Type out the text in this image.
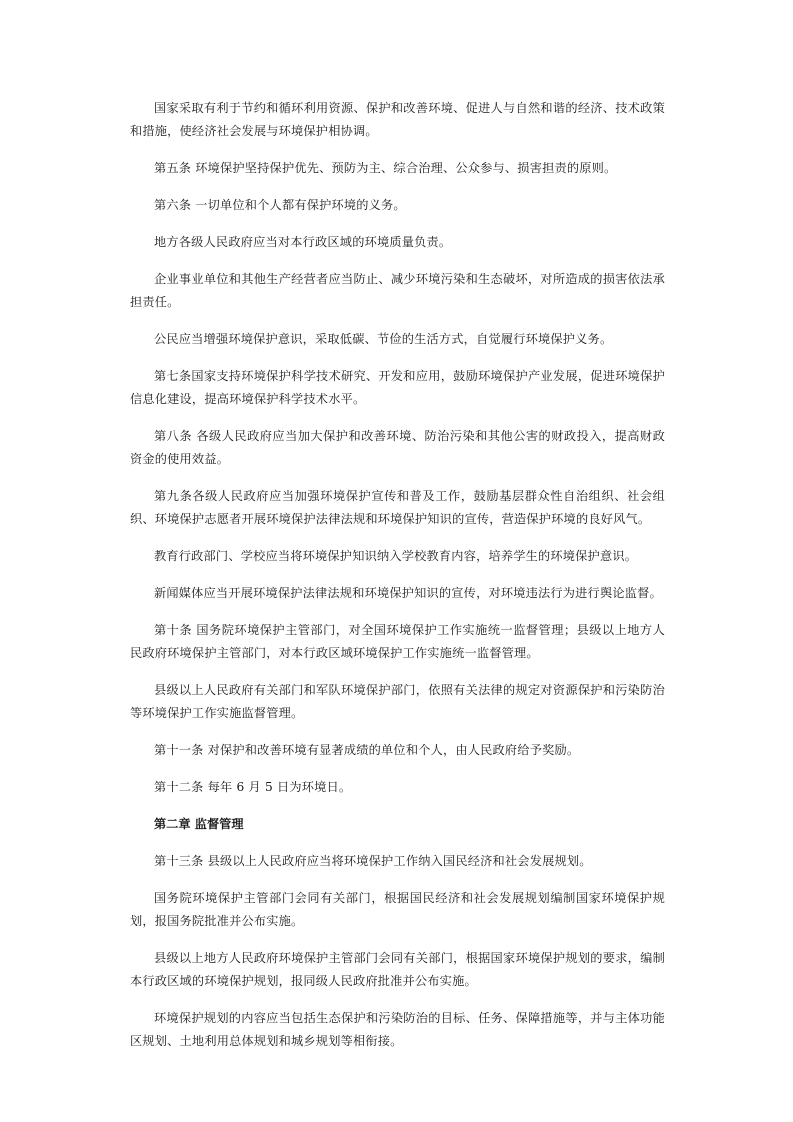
国家采取有利于节约和循环利用资源、保护和改善环境、促进人与自然和谐的经济、技术政策和措施，使经济社会发展与环境保护相协调。

第五条 环境保护坚持保护优先、预防为主、综合治理、公众参与、损害担责的原则。

第六条 一切单位和个人都有保护环境的义务。

地方各级人民政府应当对本行政区域的环境质量负责。

企业事业单位和其他生产经营者应当防止、减少环境污染和生态破坏，对所造成的损害依法承担责任。

公民应当增强环境保护意识，采取低碳、节俭的生活方式，自觉履行环境保护义务。

第七条国家支持环境保护科学技术研究、开发和应用，鼓励环境保护产业发展，促进环境保护信息化建设，提高环境保护科学技术水平。

第八条 各级人民政府应当加大保护和改善环境、防治污染和其他公害的财政投入，提高财政资金的使用效益。

第九条各级人民政府应当加强环境保护宣传和普及工作，鼓励基层群众性自治组织、社会组织、环境保护志愿者开展环境保护法律法规和环境保护知识的宣传，营造保护环境的良好风气。

教育行政部门、学校应当将环境保护知识纳入学校教育内容，培养学生的环境保护意识。

新闻媒体应当开展环境保护法律法规和环境保护知识的宣传，对环境违法行为进行舆论监督。

第十条 国务院环境保护主管部门，对全国环境保护工作实施统一监督管理；县级以上地方人民政府环境保护主管部门，对本行政区域环境保护工作实施统一监督管理。

县级以上人民政府有关部门和军队环境保护部门，依照有关法律的规定对资源保护和污染防治等环境保护工作实施监督管理。

第十一条 对保护和改善环境有显著成绩的单位和个人，由人民政府给予奖励。

第十二条 每年 6 月 5 日为环境日。

第二章 监督管理

第十三条 县级以上人民政府应当将环境保护工作纳入国民经济和社会发展规划。

国务院环境保护主管部门会同有关部门，根据国民经济和社会发展规划编制国家环境保护规划，报国务院批准并公布实施。

县级以上地方人民政府环境保护主管部门会同有关部门，根据国家环境保护规划的要求，编制本行政区域的环境保护规划，报同级人民政府批准并公布实施。

环境保护规划的内容应当包括生态保护和污染防治的目标、任务、保障措施等，并与主体功能区规划、土地利用总体规划和城乡规划等相衔接。
